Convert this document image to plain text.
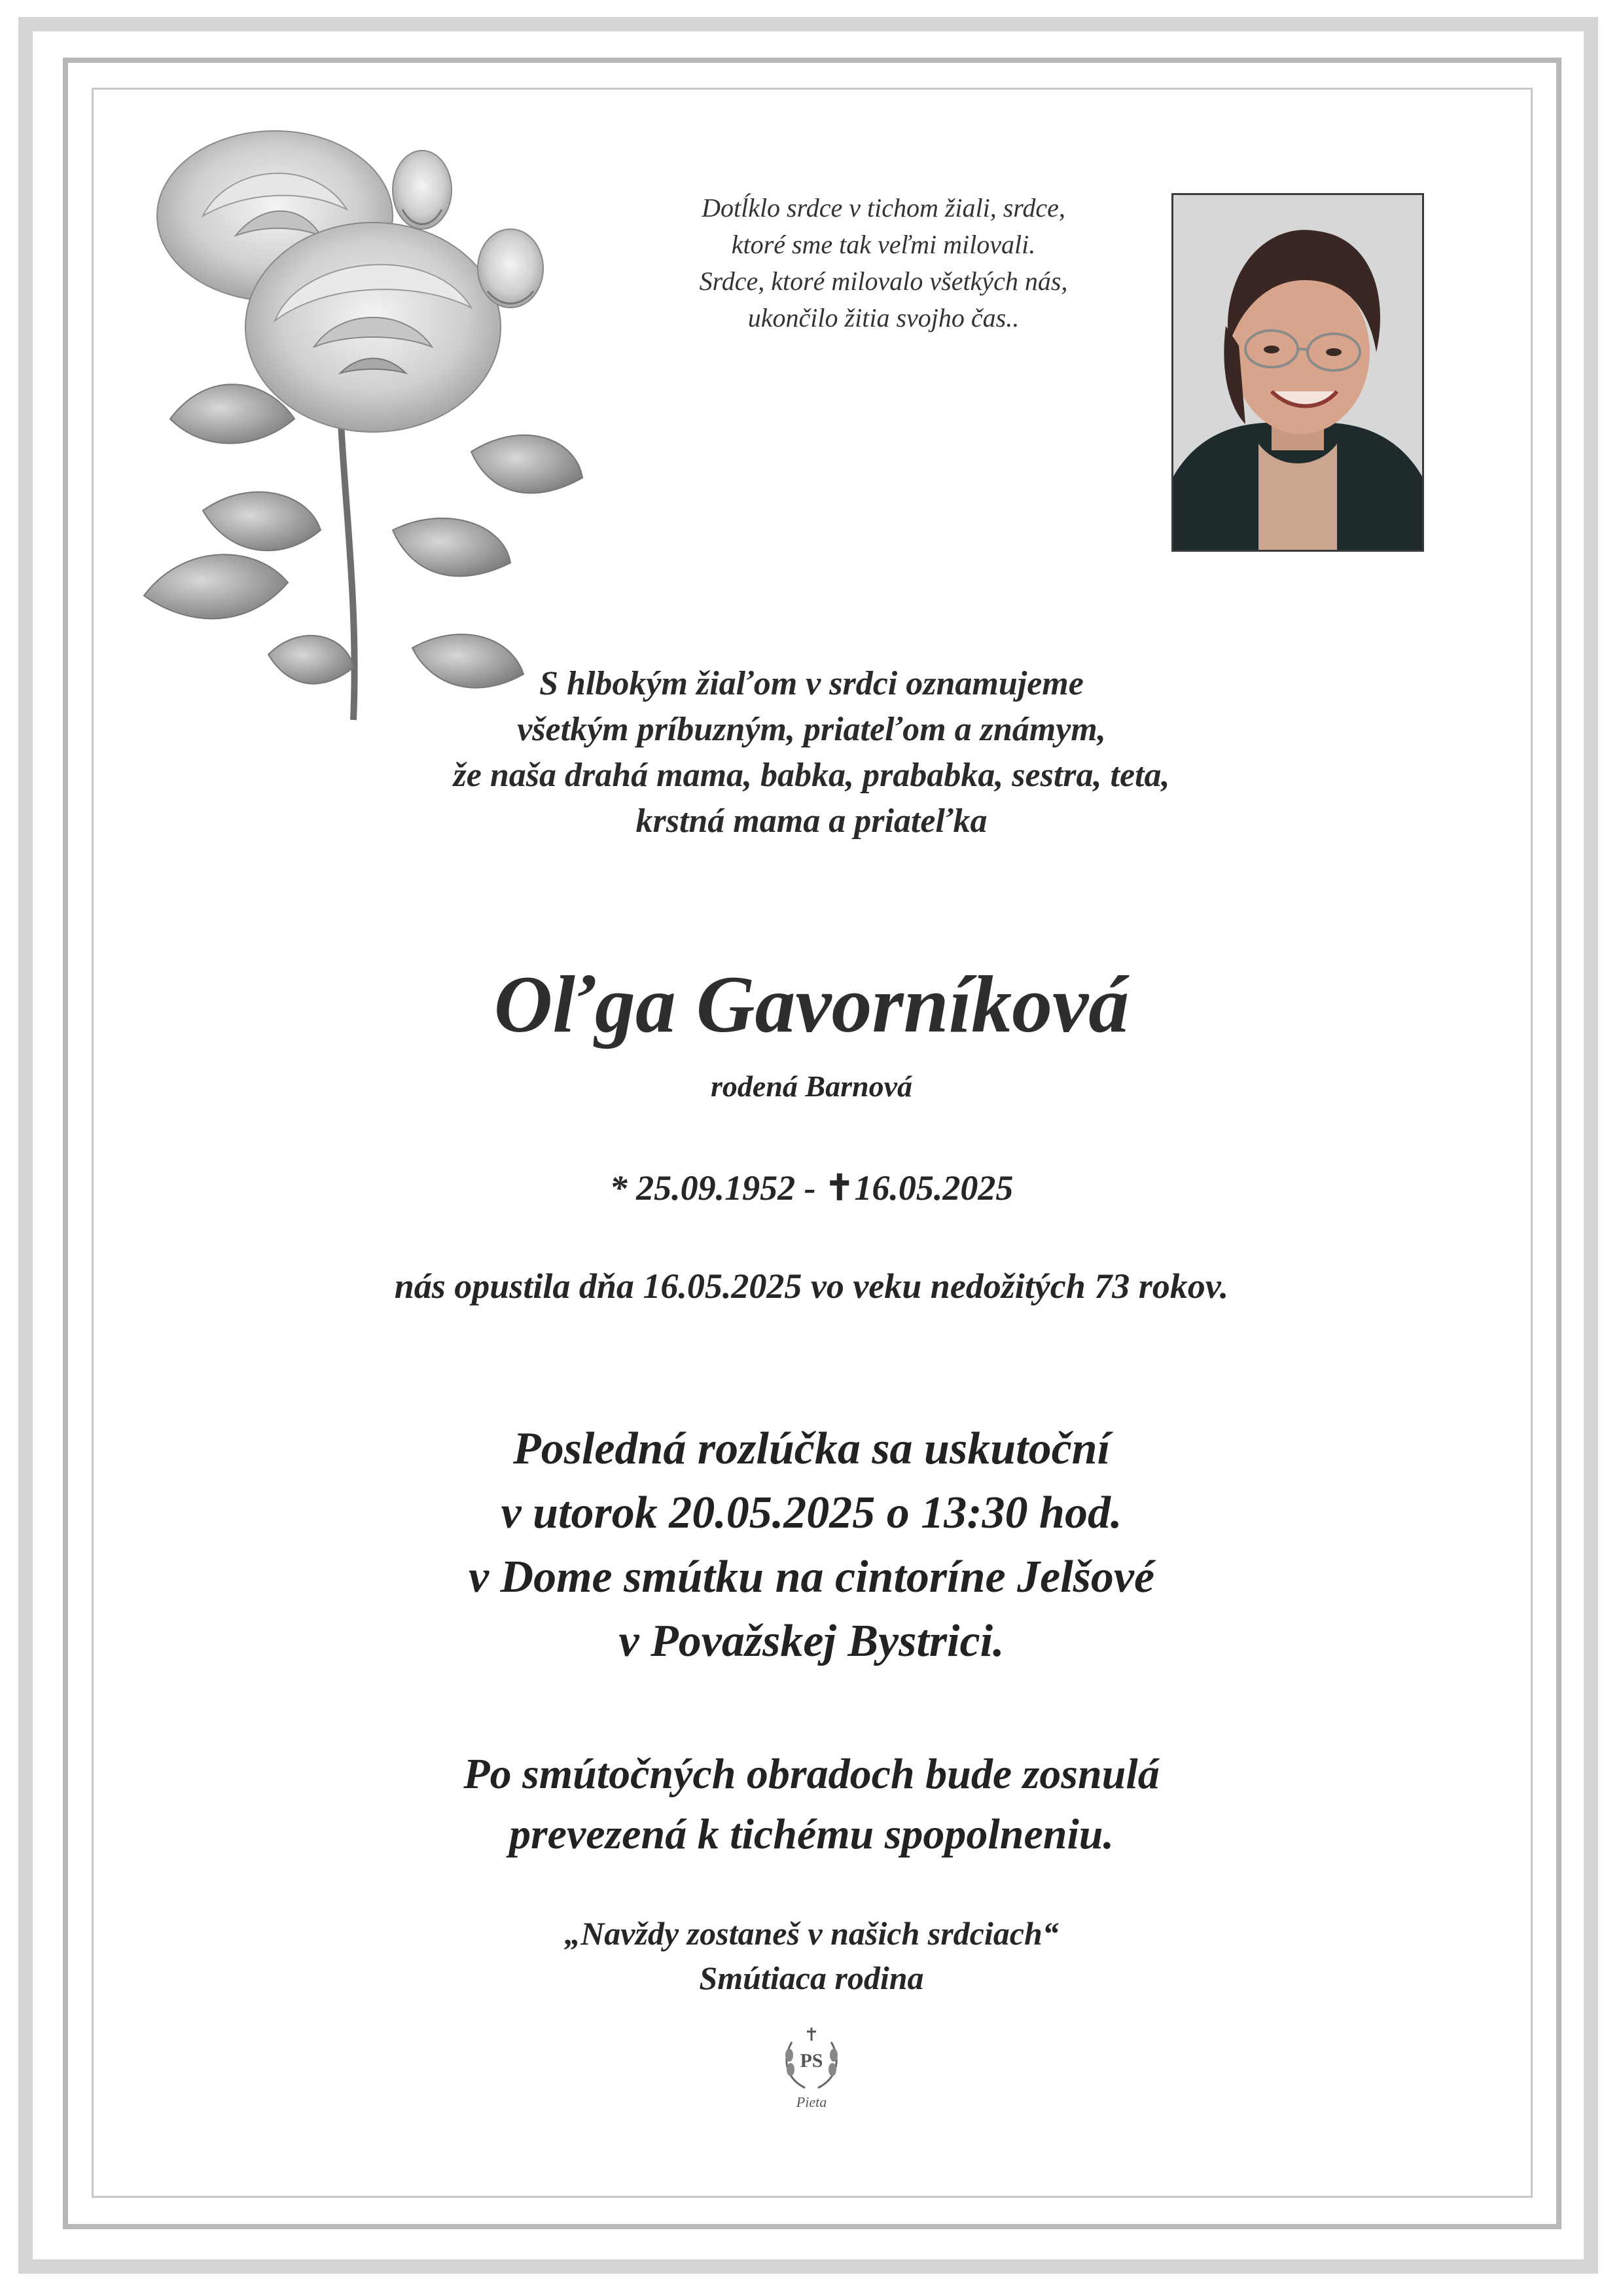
Dotĺklo srdce v tichom žiali, srdce,
ktoré sme tak veľmi milovali.
Srdce, ktoré milovalo všetkých nás,
ukončilo žitia svojho čas..
S hlbokým žiaľom v srdci oznamujeme
všetkým príbuzným, priateľom a známym,
že naša drahá mama, babka, prababka, sestra, teta,
krstná mama a priateľka
Oľga Gavorníková
rodená Barnová
* 25.09.1952 - ✝16.05.2025
nás opustila dňa 16.05.2025 vo veku nedožitých 73 rokov.
Posledná rozlúčka sa uskutoční
v utorok 20.05.2025 o 13:30 hod.
v Dome smútku na cintoríne Jelšové
v Považskej Bystrici.
Po smútočných obradoch bude zosnulá
prevezená k tichému spopolneniu.
„Navždy zostaneš v našich srdciach“
Smútiaca rodina
PS
Pieta
